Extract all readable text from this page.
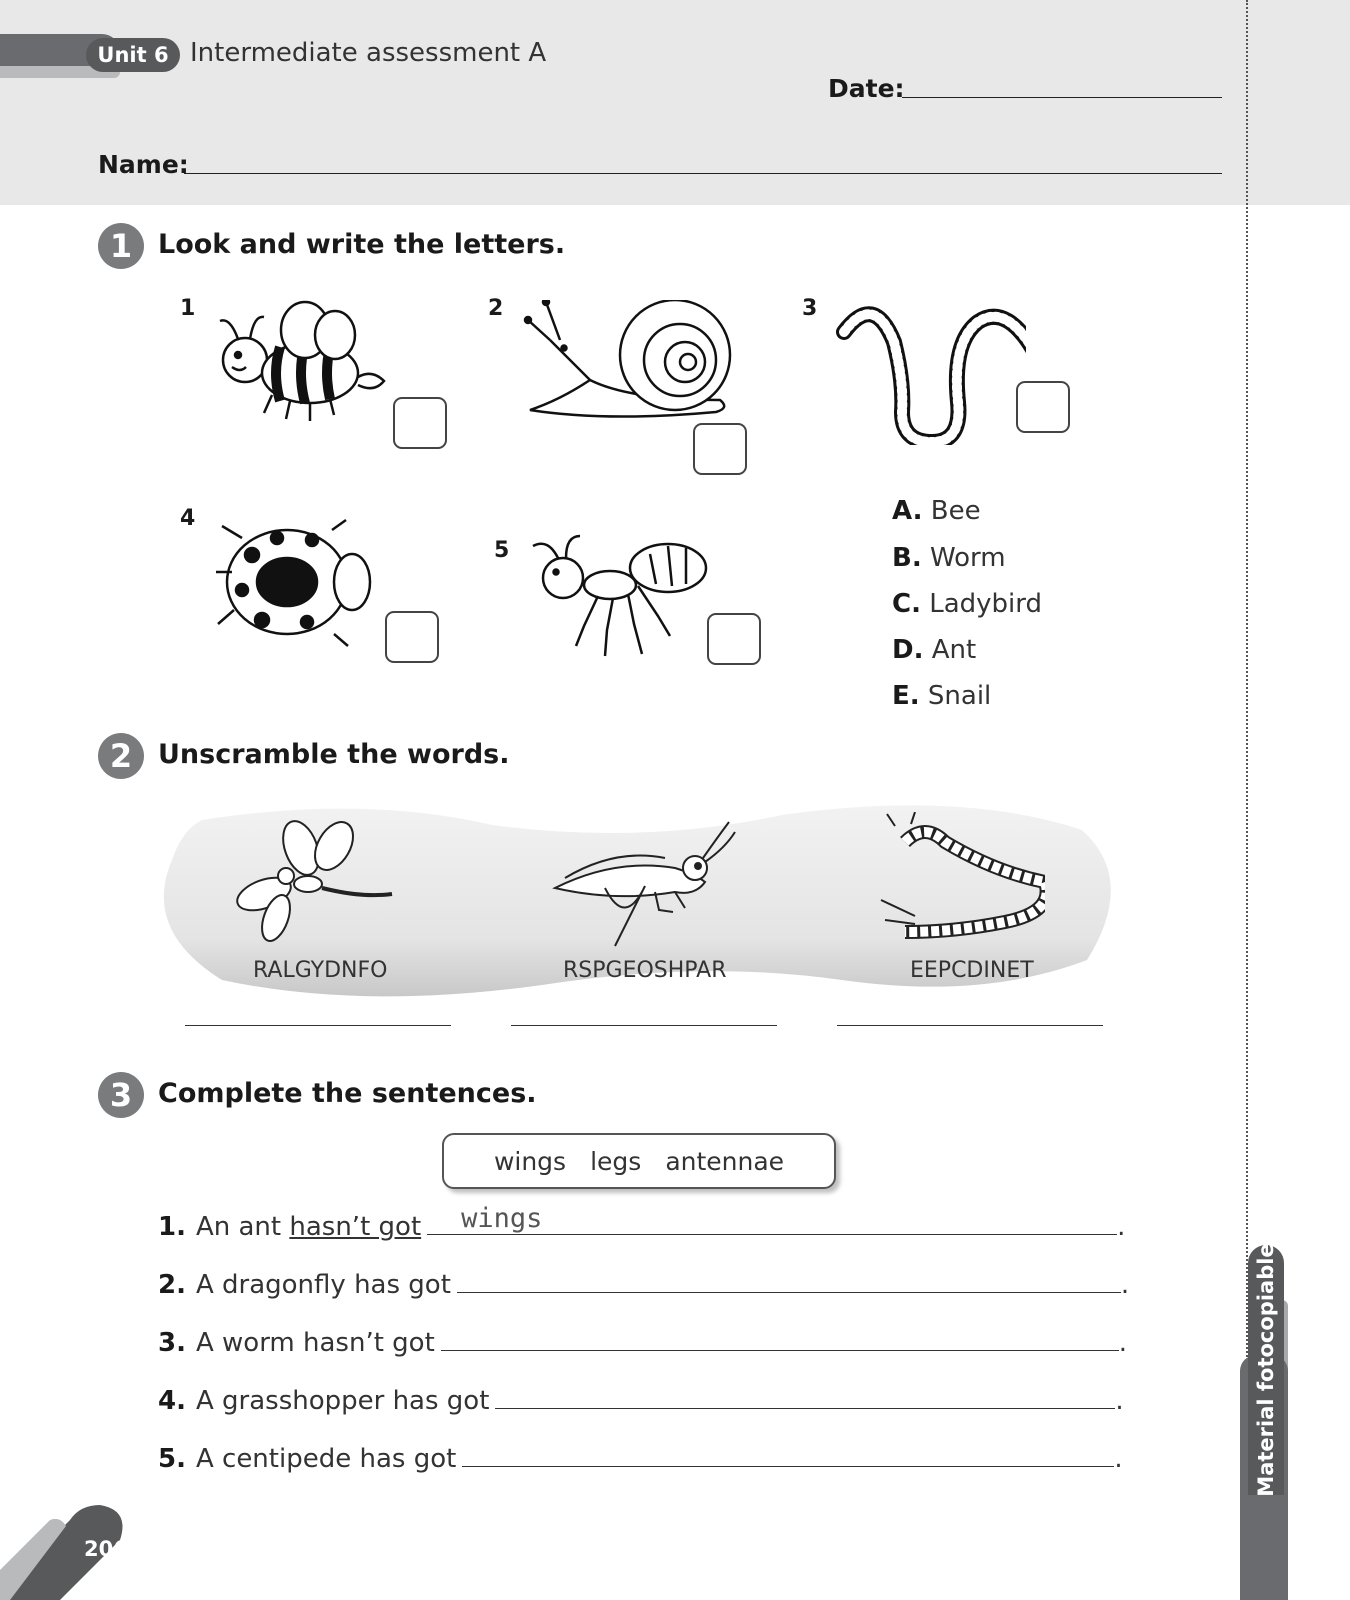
Unit 6 Intermediate assessment A
Date:
Name:
1 Look and write the letters.
1	2	3
4
5
A. Bee
B. Worm
C. Ladybird
D. Ant
E. Snail
2 Unscramble the words.
RALGYDNFO	RSPGEOSHPAR	EEPCDINET
3 Complete the sentences.
wings legs antennae
1. An ant hasn’t got wings	.
2. A dragonfly has got	.
3. A worm hasn’t got	.
4. A grasshopper has got	.
5. A centipede has got	.	Material fotocopiable
206
